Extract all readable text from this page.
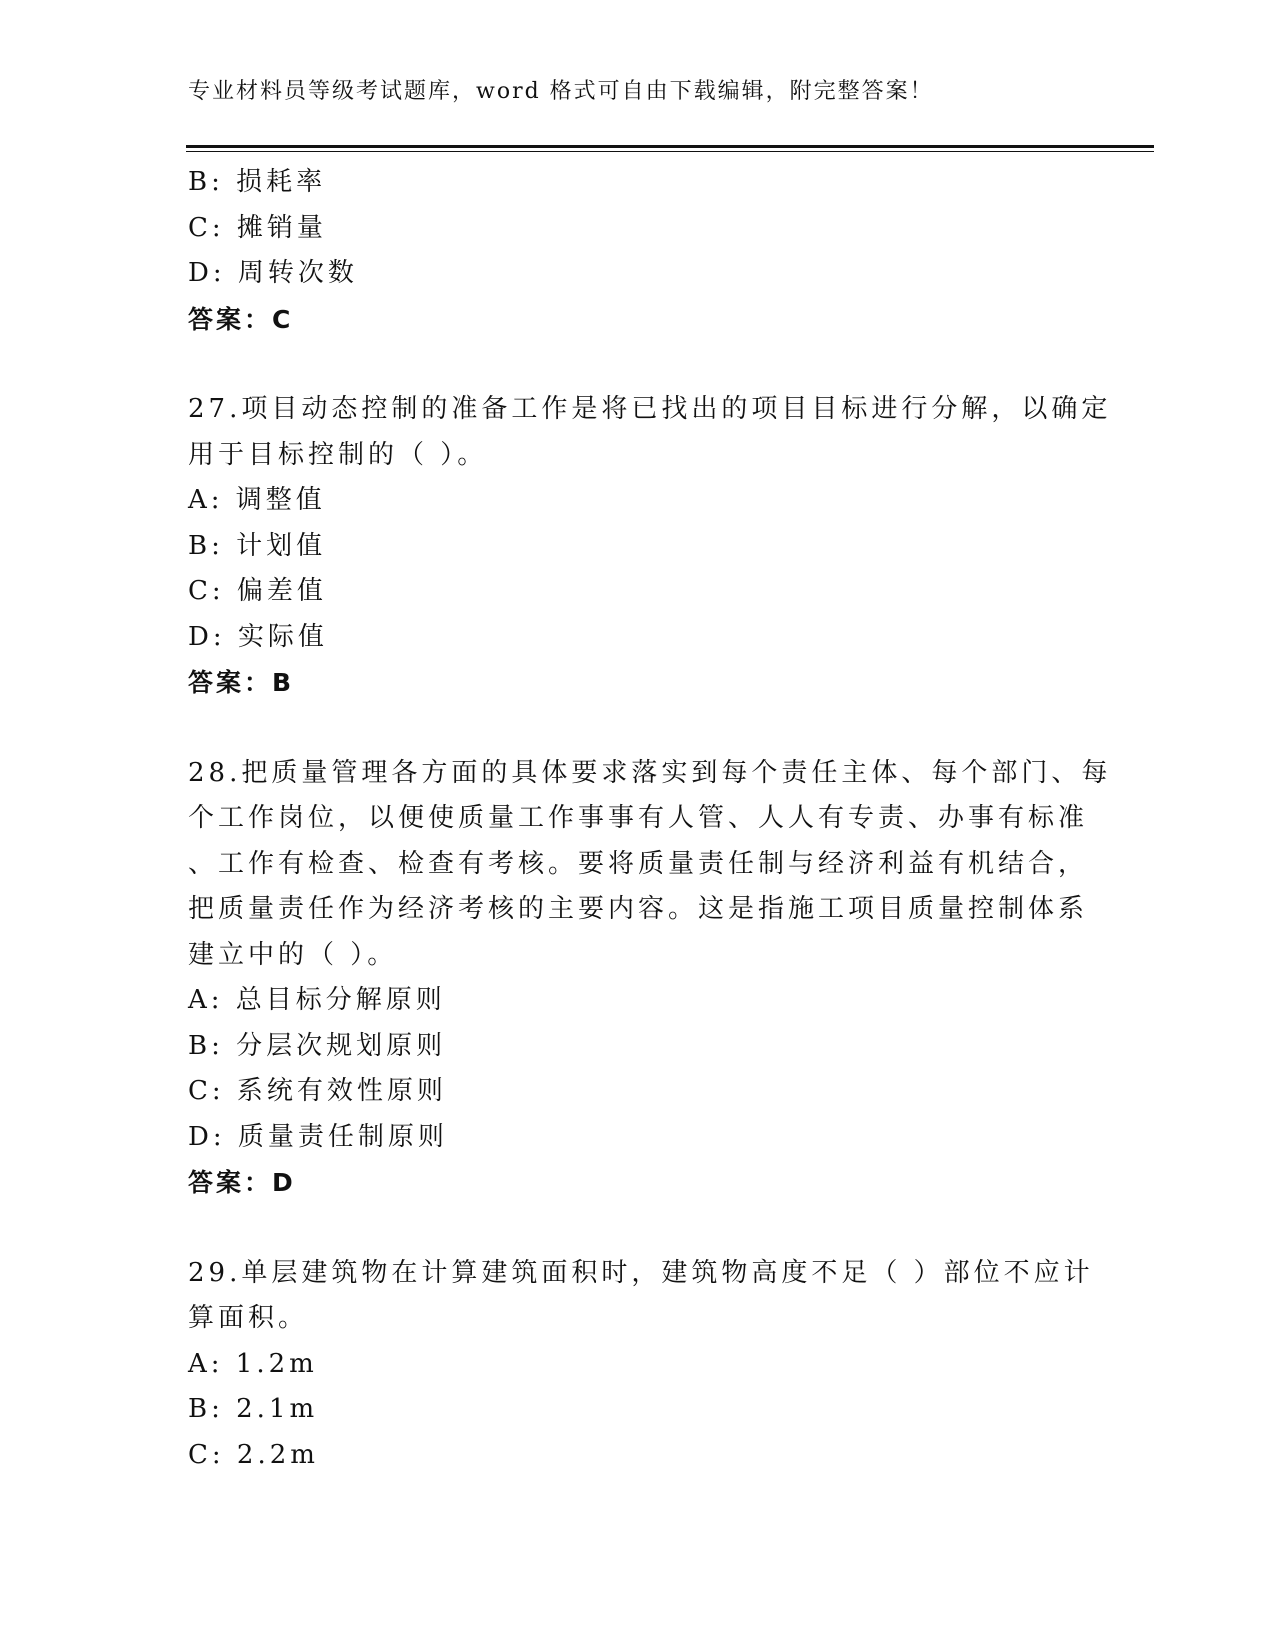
专业材料员等级考试题库，word 格式可自由下载编辑，附完整答案！
B: 损耗率
C: 摊销量
D: 周转次数
答案：C
27.项目动态控制的准备工作是将已找出的项目目标进行分解，以确定
用于目标控制的（ ）。
A: 调整值
B: 计划值
C: 偏差值
D: 实际值
答案：B
28.把质量管理各方面的具体要求落实到每个责任主体、每个部门、每
个工作岗位，以便使质量工作事事有人管、人人有专责、办事有标准
、工作有检查、检查有考核。要将质量责任制与经济利益有机结合，
把质量责任作为经济考核的主要内容。这是指施工项目质量控制体系
建立中的（ ）。
A: 总目标分解原则
B: 分层次规划原则
C: 系统有效性原则
D: 质量责任制原则
答案：D
29.单层建筑物在计算建筑面积时，建筑物高度不足（ ）部位不应计
算面积。
A: 1.2m
B: 2.1m
C: 2.2m
